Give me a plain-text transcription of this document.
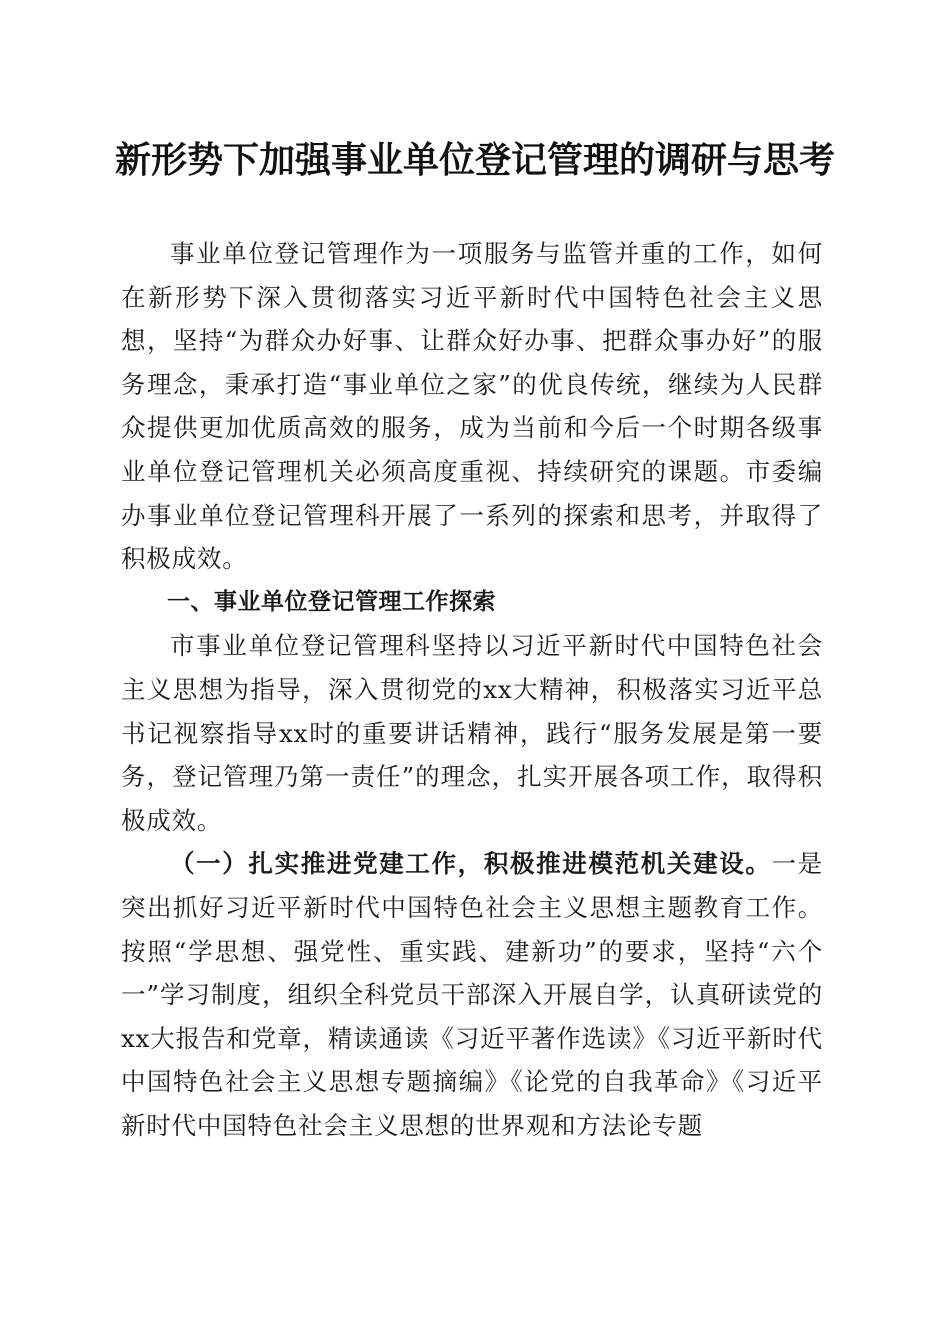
新形势下加强事业单位登记管理的调研与思考

事业单位登记管理作为一项服务与监管并重的工作，如何在新形势下深入贯彻落实习近平新时代中国特色社会主义思想，坚持“为群众办好事、让群众好办事、把群众事办好”的服务理念，秉承打造“事业单位之家”的优良传统，继续为人民群众提供更加优质高效的服务，成为当前和今后一个时期各级事业单位登记管理机关必须高度重视、持续研究的课题。市委编办事业单位登记管理科开展了一系列的探索和思考，并取得了积极成效。

一、事业单位登记管理工作探索

市事业单位登记管理科坚持以习近平新时代中国特色社会主义思想为指导，深入贯彻党的xx大精神，积极落实习近平总书记视察指导xx时的重要讲话精神，践行“服务发展是第一要务，登记管理乃第一责任”的理念，扎实开展各项工作，取得积极成效。

（一）扎实推进党建工作，积极推进模范机关建设。一是突出抓好习近平新时代中国特色社会主义思想主题教育工作。按照“学思想、强党性、重实践、建新功”的要求，坚持“六个一”学习制度，组织全科党员干部深入开展自学，认真研读党的xx大报告和党章，精读通读《习近平著作选读》《习近平新时代中国特色社会主义思想专题摘编》《论党的自我革命》《习近平新时代中国特色社会主义思想的世界观和方法论专题
